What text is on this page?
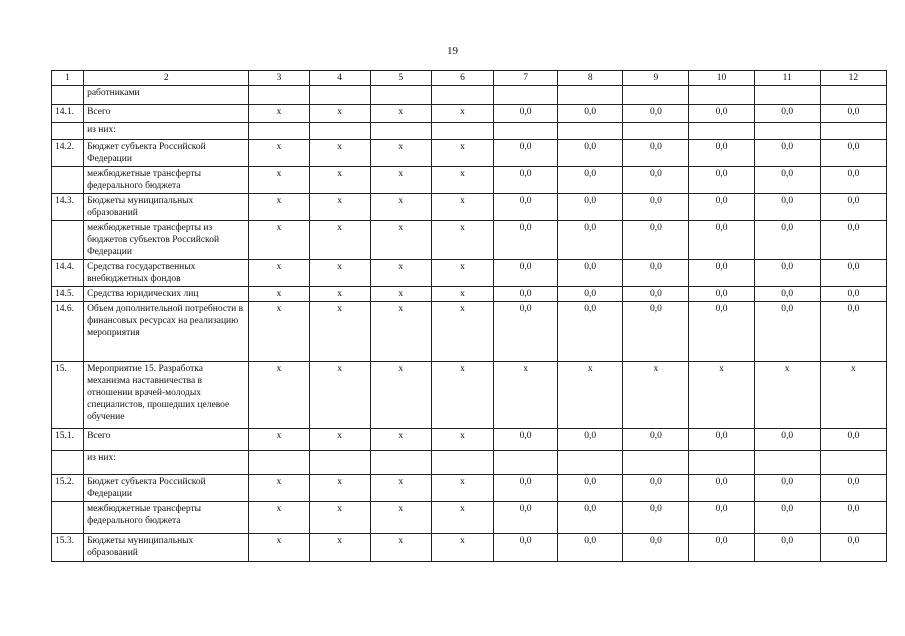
19
1	2	3	4	5	6	7	8	9	10	11	12
	работниками										
14.1.	Всего	x	x	x	x	0,0	0,0	0,0	0,0	0,0	0,0
	из них:										
14.2.	Бюджет субъекта Российской Федерации	x	x	x	x	0,0	0,0	0,0	0,0	0,0	0,0
	межбюджетные трансферты федерального бюджета	x	x	x	x	0,0	0,0	0,0	0,0	0,0	0,0
14.3.	Бюджеты муниципальных образований	x	x	x	x	0,0	0,0	0,0	0,0	0,0	0,0
	межбюджетные трансферты из бюджетов субъектов Российской Федерации	x	x	x	x	0,0	0,0	0,0	0,0	0,0	0,0
14.4.	Средства государственных внебюджетных фондов	x	x	x	x	0,0	0,0	0,0	0,0	0,0	0,0
14.5.	Средства юридических лиц	x	x	x	x	0,0	0,0	0,0	0,0	0,0	0,0
14.6.	Объем дополнительной потребности в финансовых ресурсах на реализацию мероприятия	x	x	x	x	0,0	0,0	0,0	0,0	0,0	0,0
15.	Мероприятие 15. Разработка механизма наставничества в отношении врачей-молодых специалистов, прошедших целевое обучение	x	x	x	x	x	x	x	x	x	x
15.1.	Всего	x	x	x	x	0,0	0,0	0,0	0,0	0,0	0,0
	из них:										
15.2.	Бюджет субъекта Российской Федерации	x	x	x	x	0,0	0,0	0,0	0,0	0,0	0,0
	межбюджетные трансферты федерального бюджета	x	x	x	x	0,0	0,0	0,0	0,0	0,0	0,0
15.3.	Бюджеты муниципальных образований	x	x	x	x	0,0	0,0	0,0	0,0	0,0	0,0
